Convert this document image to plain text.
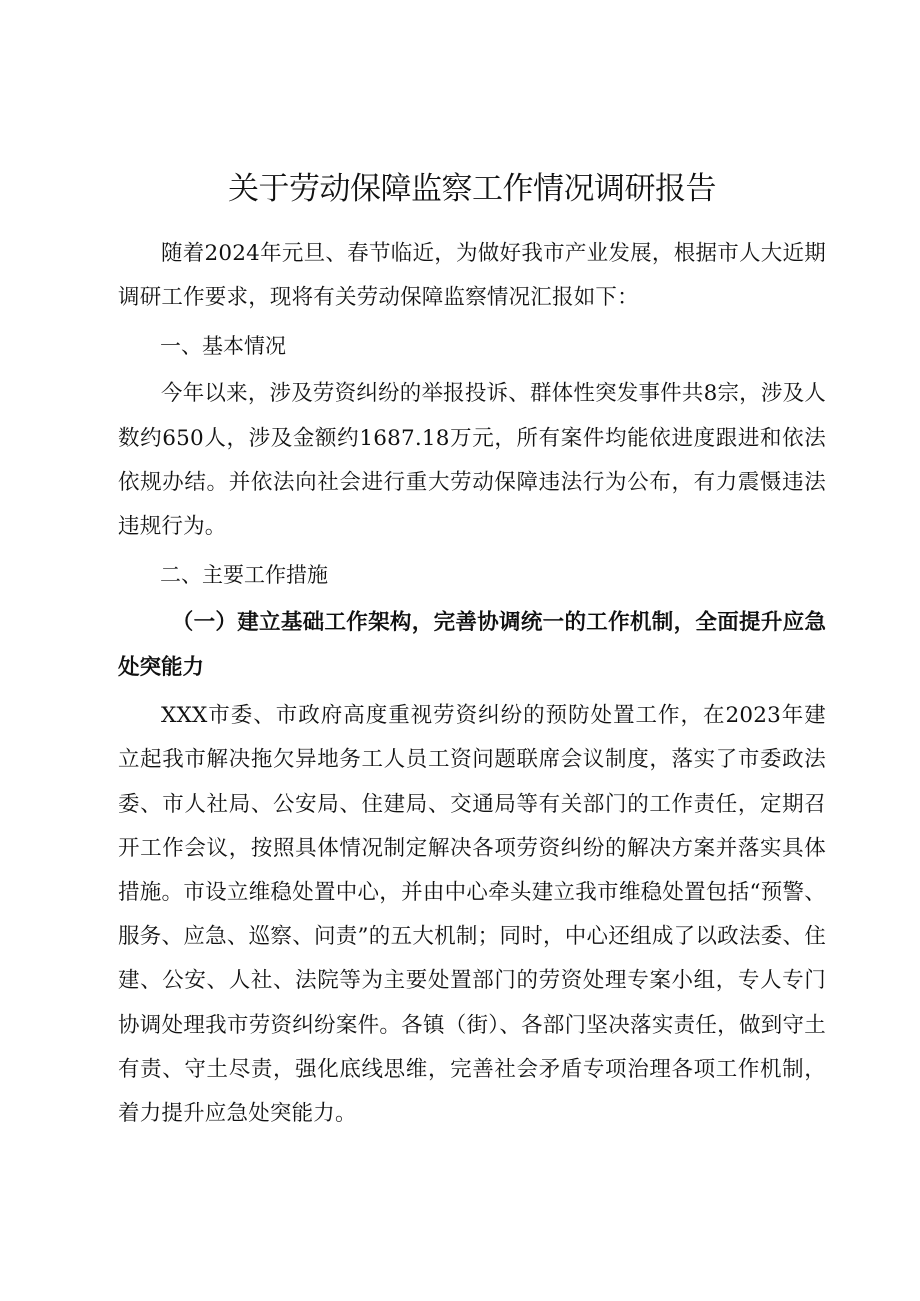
关于劳动保障监察工作情况调研报告

随着2024年元旦、春节临近，为做好我市产业发展，根据市人大近期调研工作要求，现将有关劳动保障监察情况汇报如下：

一、基本情况

今年以来，涉及劳资纠纷的举报投诉、群体性突发事件共8宗，涉及人数约650人，涉及金额约1687.18万元，所有案件均能依进度跟进和依法依规办结。并依法向社会进行重大劳动保障违法行为公布，有力震慑违法违规行为。

二、主要工作措施

（一）建立基础工作架构，完善协调统一的工作机制，全面提升应急处突能力

XXX市委、市政府高度重视劳资纠纷的预防处置工作，在2023年建立起我市解决拖欠异地务工人员工资问题联席会议制度，落实了市委政法委、市人社局、公安局、住建局、交通局等有关部门的工作责任，定期召开工作会议，按照具体情况制定解决各项劳资纠纷的解决方案并落实具体措施。市设立维稳处置中心，并由中心牵头建立我市维稳处置包括“预警、服务、应急、巡察、问责”的五大机制；同时，中心还组成了以政法委、住建、公安、人社、法院等为主要处置部门的劳资处理专案小组，专人专门协调处理我市劳资纠纷案件。各镇（街）、各部门坚决落实责任，做到守土有责、守土尽责，强化底线思维，完善社会矛盾专项治理各项工作机制，着力提升应急处突能力。
